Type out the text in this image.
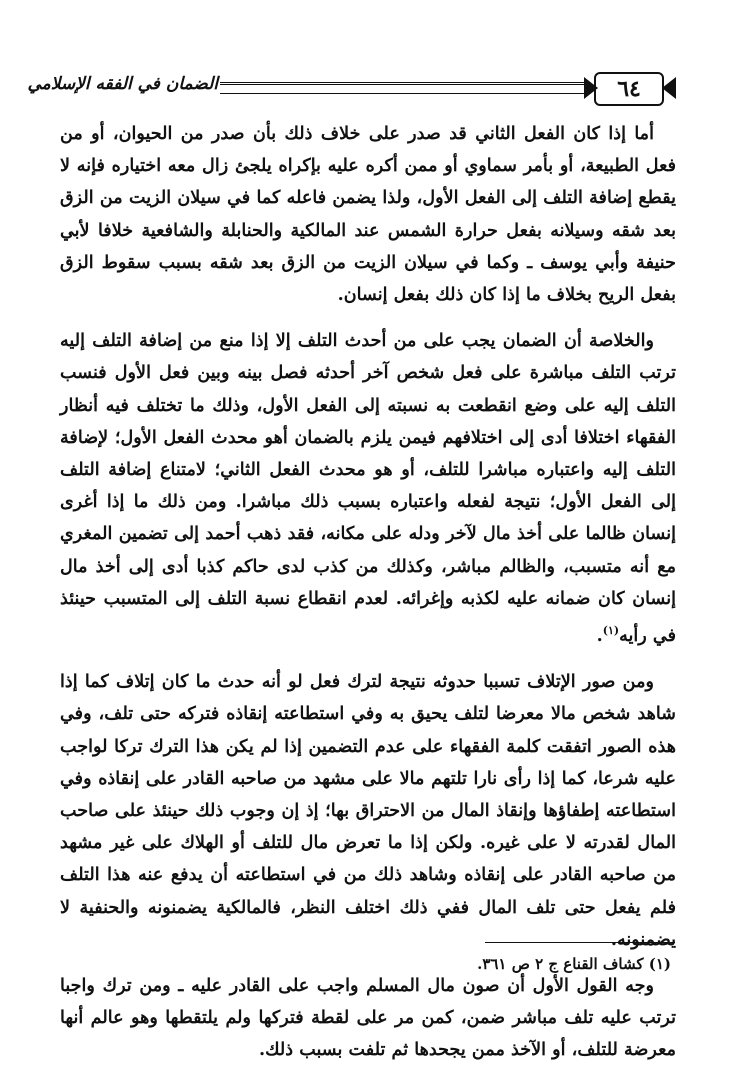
٦٤
الضمان في الفقه الإسلامي

أما إذا كان الفعل الثاني قد صدر على خلاف ذلك بأن صدر من الحيوان، أو من فعل الطبيعة، أو بأمر سماوي أو ممن أكره عليه بإكراه يلجئ زال معه اختياره فإنه لا يقطع إضافة التلف إلى الفعل الأول، ولذا يضمن فاعله كما في سيلان الزيت من الزق بعد شقه وسيلانه بفعل حرارة الشمس عند المالكية والحنابلة والشافعية خلافا لأبي حنيفة وأبي يوسف ـ وكما في سيلان الزيت من الزق بعد شقه بسبب سقوط الزق بفعل الريح بخلاف ما إذا كان ذلك بفعل إنسان.

والخلاصة أن الضمان يجب على من أحدث التلف إلا إذا منع من إضافة التلف إليه ترتب التلف مباشرة على فعل شخص آخر أحدثه فصل بينه وبين فعل الأول فنسب التلف إليه على وضع انقطعت به نسبته إلى الفعل الأول، وذلك ما تختلف فيه أنظار الفقهاء اختلافا أدى إلى اختلافهم فيمن يلزم بالضمان أهو محدث الفعل الأول؛ لإضافة التلف إليه واعتباره مباشرا للتلف، أو هو محدث الفعل الثاني؛ لامتناع إضافة التلف إلى الفعل الأول؛ نتيجة لفعله واعتباره بسبب ذلك مباشرا. ومن ذلك ما إذا أغرى إنسان ظالما على أخذ مال لآخر ودله على مكانه، فقد ذهب أحمد إلى تضمين المغري مع أنه متسبب، والظالم مباشر، وكذلك من كذب لدى حاكم كذبا أدى إلى أخذ مال إنسان كان ضمانه عليه لكذبه وإغرائه. لعدم انقطاع نسبة التلف إلى المتسبب حينئذ في رأيه$^{(١)}$.

ومن صور الإتلاف تسببا حدوثه نتيجة لترك فعل لو أنه حدث ما كان إتلاف كما إذا شاهد شخص مالا معرضا لتلف يحيق به وفي استطاعته إنقاذه فتركه حتى تلف، وفي هذه الصور اتفقت كلمة الفقهاء على عدم التضمين إذا لم يكن هذا الترك تركا لواجب عليه شرعا، كما إذا رأى نارا تلتهم مالا على مشهد من صاحبه القادر على إنقاذه وفي استطاعته إطفاؤها وإنقاذ المال من الاحتراق بها؛ إذ إن وجوب ذلك حينئذ على صاحب المال لقدرته لا على غيره. ولكن إذا ما تعرض مال للتلف أو الهلاك على غير مشهد من صاحبه القادر على إنقاذه وشاهد ذلك من في استطاعته أن يدفع عنه هذا التلف فلم يفعل حتى تلف المال ففي ذلك اختلف النظر، فالمالكية يضمنونه والحنفية لا يضمنونه.

وجه القول الأول أن صون مال المسلم واجب على القادر عليه ـ ومن ترك واجبا ترتب عليه تلف مباشر ضمن، كمن مر على لقطة فتركها ولم يلتقطها وهو عالم أنها معرضة للتلف، أو الآخذ ممن يجحدها ثم تلفت بسبب ذلك.

(١) كشاف القناع ج ٢ ص ٣٦١.
